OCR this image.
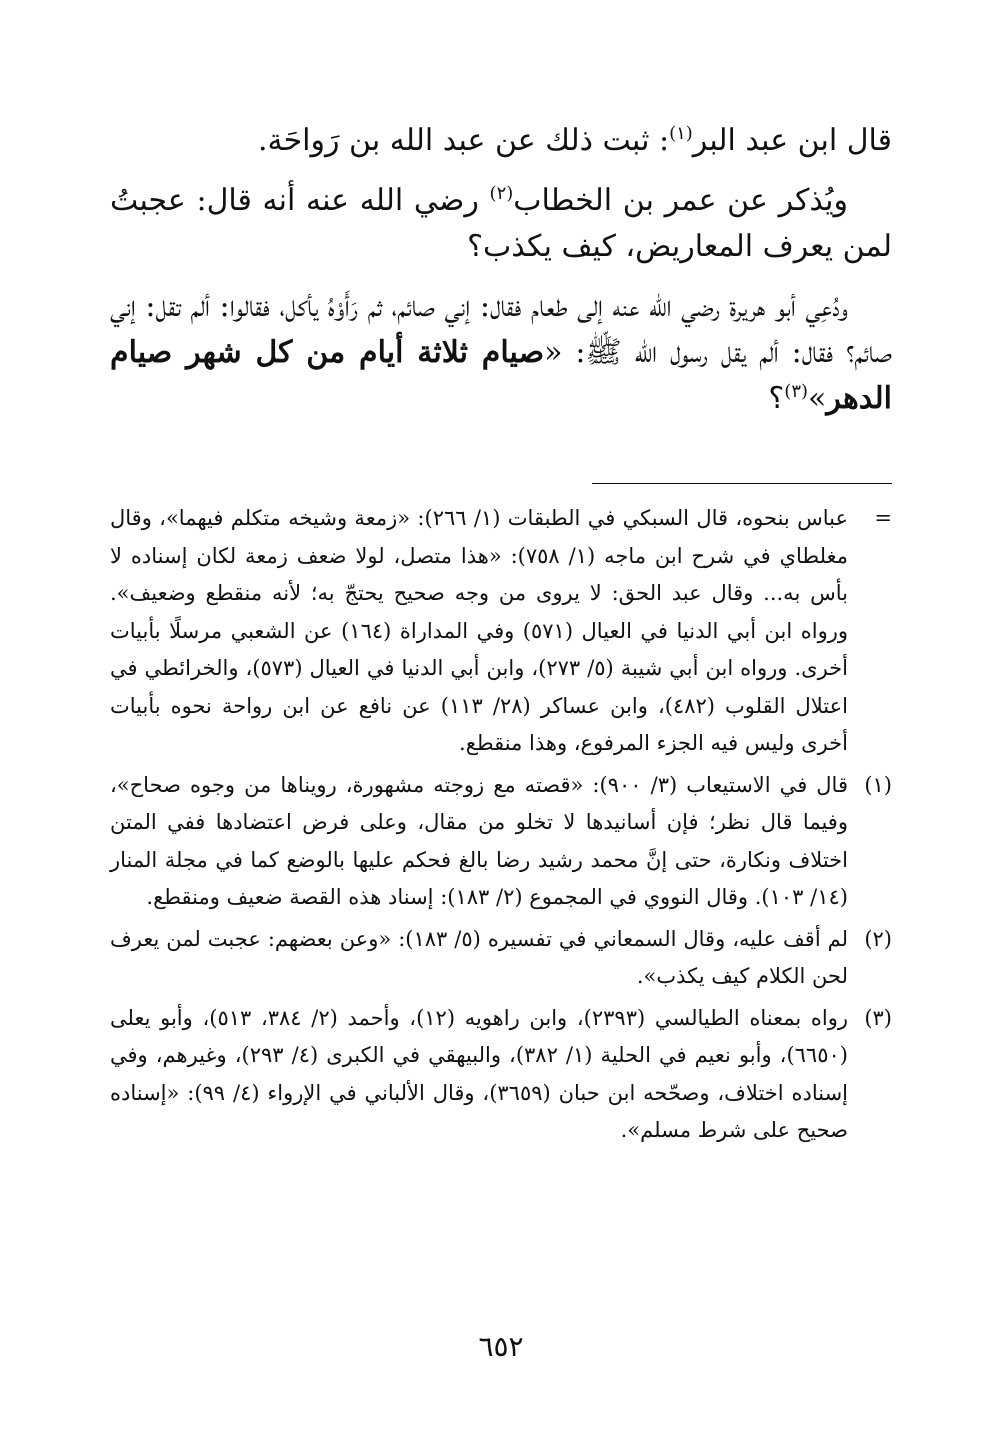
قال ابن عبد البر$^{(١)}$: ثبت ذلك عن عبد الله بن رَواحَة.

ويُذكر عن عمر بن الخطاب$^{(٢)}$ رضي الله عنه أنه قال: عجبتُ لمن يعرف المعاريض، كيف يكذب؟

ودُعِي أبو هريرة رضي الله عنه إلى طعام فقال: إني صائم، ثم رَأَوْهُ يأكل، فقالوا: ألم تقل: إني صائم؟ فقال: ألم يقل رسول الله ﷺ: «صيام ثلاثة أيام من كل شهر صيام الدهر»$^{(٣)}$؟

=
عباس بنحوه، قال السبكي في الطبقات (١/ ٢٦٦): «زمعة وشيخه متكلم فيهما»، وقال مغلطاي في شرح ابن ماجه (١/ ٧٥٨): «هذا متصل، لولا ضعف زمعة لكان إسناده لا بأس به... وقال عبد الحق: لا يروى من وجه صحيح يحتجّ به؛ لأنه منقطع وضعيف». ورواه ابن أبي الدنيا في العيال (٥٧١) وفي المداراة (١٦٤) عن الشعبي مرسلًا بأبيات أخرى. ورواه ابن أبي شيبة (٥/ ٢٧٣)، وابن أبي الدنيا في العيال (٥٧٣)، والخرائطي في اعتلال القلوب (٤٨٢)، وابن عساكر (٢٨/ ١١٣) عن نافع عن ابن رواحة نحوه بأبيات أخرى وليس فيه الجزء المرفوع، وهذا منقطع.
(١)
قال في الاستيعاب (٣/ ٩٠٠): «قصته مع زوجته مشهورة، رويناها من وجوه صحاح»، وفيما قال نظر؛ فإن أسانيدها لا تخلو من مقال، وعلى فرض اعتضادها ففي المتن اختلاف ونكارة، حتى إنَّ محمد رشيد رضا بالغ فحكم عليها بالوضع كما في مجلة المنار (١٤/ ١٠٣). وقال النووي في المجموع (٢/ ١٨٣): إسناد هذه القصة ضعيف ومنقطع.
(٢)
لم أقف عليه، وقال السمعاني في تفسيره (٥/ ١٨٣): «وعن بعضهم: عجبت لمن يعرف لحن الكلام كيف يكذب».
(٣)
رواه بمعناه الطيالسي (٢٣٩٣)، وابن راهويه (١٢)، وأحمد (٢/ ٣٨٤، ٥١٣)، وأبو يعلى (٦٦٥٠)، وأبو نعيم في الحلية (١/ ٣٨٢)، والبيهقي في الكبرى (٤/ ٢٩٣)، وغيرهم، وفي إسناده اختلاف، وصحّحه ابن حبان (٣٦٥٩)، وقال الألباني في الإرواء (٤/ ٩٩): «إسناده صحيح على شرط مسلم».
٦٥٢
